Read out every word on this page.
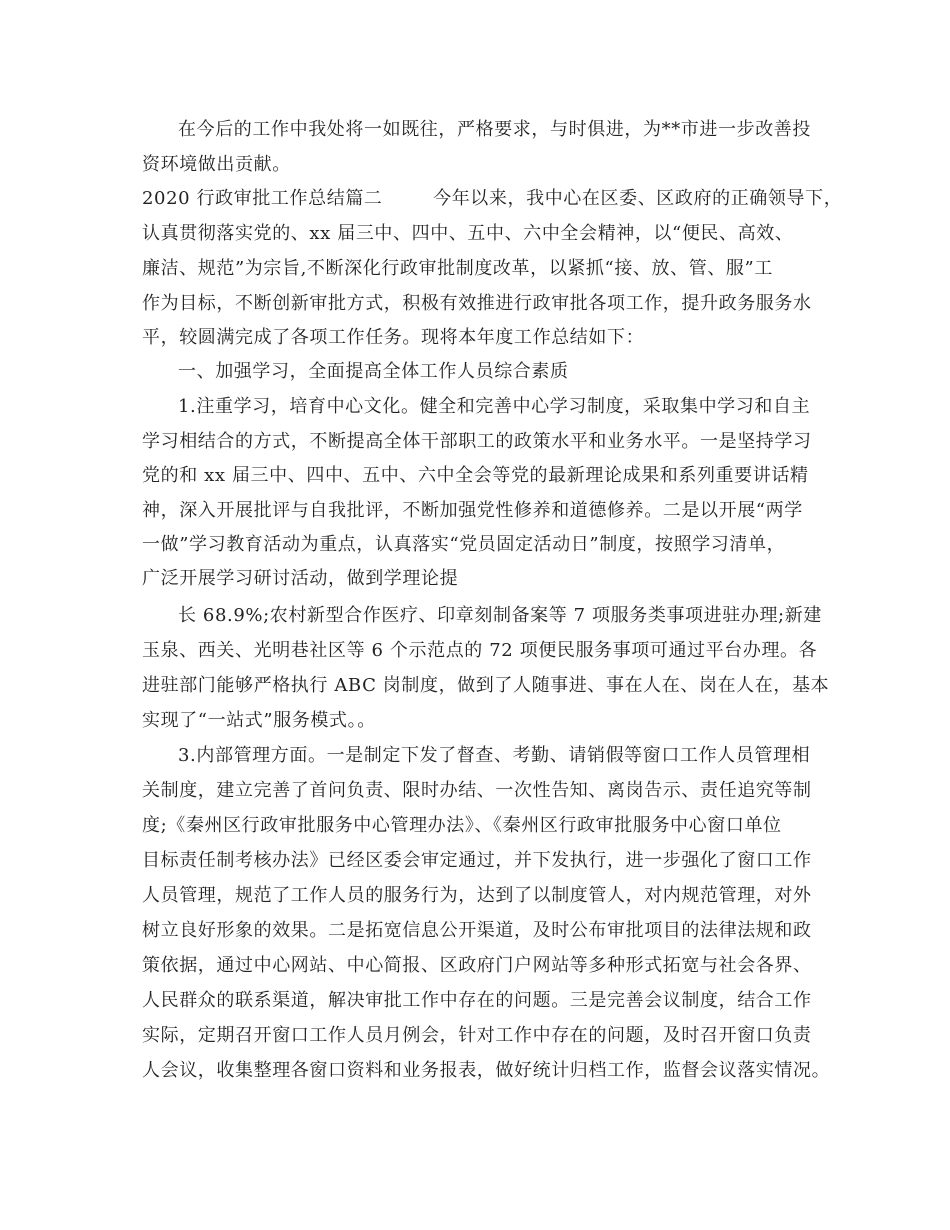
在今后的工作中我处将一如既往，严格要求，与时俱进，为**市进一步改善投
资环境做出贡献。
2020 行政审批工作总结篇二        今年以来，我中心在区委、区政府的正确领导下，
认真贯彻落实党的、xx 届三中、四中、五中、六中全会精神，以“便民、高效、
廉洁、规范”为宗旨,不断深化行政审批制度改革，以紧抓“接、放、管、服”工
作为目标，不断创新审批方式，积极有效推进行政审批各项工作，提升政务服务水
平，较圆满完成了各项工作任务。现将本年度工作总结如下：
一、加强学习，全面提高全体工作人员综合素质
1.注重学习，培育中心文化。健全和完善中心学习制度，采取集中学习和自主
学习相结合的方式，不断提高全体干部职工的政策水平和业务水平。一是坚持学习
党的和 xx 届三中、四中、五中、六中全会等党的最新理论成果和系列重要讲话精
神，深入开展批评与自我批评，不断加强党性修养和道德修养。二是以开展“两学
一做”学习教育活动为重点，认真落实“党员固定活动日”制度，按照学习清单，
广泛开展学习研讨活动，做到学理论提
长 68.9%;农村新型合作医疗、印章刻制备案等 7 项服务类事项进驻办理;新建
玉泉、西关、光明巷社区等 6 个示范点的 72 项便民服务事项可通过平台办理。各
进驻部门能够严格执行 ABC 岗制度，做到了人随事进、事在人在、岗在人在，基本
实现了“一站式”服务模式。。
3.内部管理方面。一是制定下发了督查、考勤、请销假等窗口工作人员管理相
关制度，建立完善了首问负责、限时办结、一次性告知、离岗告示、责任追究等制
度;《秦州区行政审批服务中心管理办法》、《秦州区行政审批服务中心窗口单位
目标责任制考核办法》已经区委会审定通过，并下发执行，进一步强化了窗口工作
人员管理，规范了工作人员的服务行为，达到了以制度管人，对内规范管理，对外
树立良好形象的效果。二是拓宽信息公开渠道，及时公布审批项目的法律法规和政
策依据，通过中心网站、中心简报、区政府门户网站等多种形式拓宽与社会各界、
人民群众的联系渠道，解决审批工作中存在的问题。三是完善会议制度，结合工作
实际，定期召开窗口工作人员月例会，针对工作中存在的问题，及时召开窗口负责
人会议，收集整理各窗口资料和业务报表，做好统计归档工作，监督会议落实情况。
